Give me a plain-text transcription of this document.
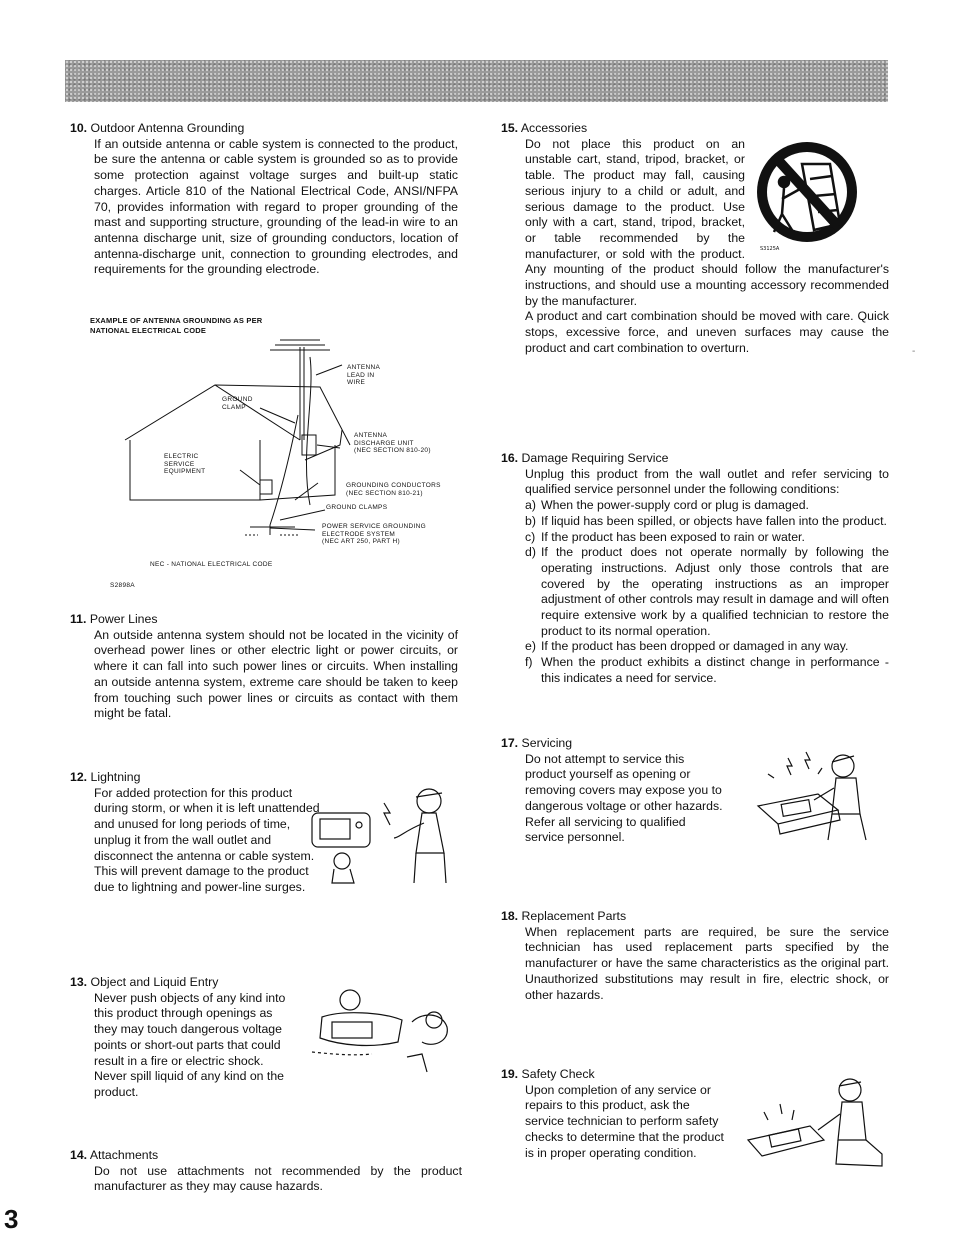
10. Outdoor Antenna Grounding

If an outside antenna or cable system is connected to the product, be sure the antenna or cable system is grounded so as to provide some protection against voltage surges and built-up static charges. Article 810 of the National Electrical Code, ANSI/NFPA 70, provides information with regard to proper grounding of the mast and supporting structure, grounding of the lead-in wire to an antenna discharge unit, size of grounding conductors, location of antenna-discharge unit, connection to grounding electrodes, and requirements for the grounding electrode.

EXAMPLE OF ANTENNA GROUNDING AS PER
NATIONAL ELECTRICAL CODE
ANTENNA
LEAD IN
WIRE
GROUND
CLAMP
ANTENNA
DISCHARGE UNIT
(NEC SECTION 810-20)
ELECTRIC
SERVICE
EQUIPMENT
GROUNDING CONDUCTORS
(NEC SECTION 810-21)
GROUND CLAMPS
POWER SERVICE GROUNDING
ELECTRODE SYSTEM
(NEC ART 250, PART H)
NEC - NATIONAL ELECTRICAL CODE
S2898A

11. Power Lines

An outside antenna system should not be located in the vicinity of overhead power lines or other electric light or power circuits, or where it can fall into such power lines or circuits. When installing an outside antenna system, extreme care should be taken to keep from touching such power lines or circuits as contact with them might be fatal.

12. Lightning

For added protection for this product during storm, or when it is left unattended and unused for long periods of time, unplug it from the wall outlet and disconnect the antenna or cable system. This will prevent damage to the product due to lightning and power-line surges.

13. Object and Liquid Entry

Never push objects of any kind into this product through openings as they may touch dangerous voltage points or short-out parts that could result in a fire or electric shock. Never spill liquid of any kind on the product.

14. Attachments

Do not use attachments not recommended by the product manufacturer as they may cause hazards.

15. Accessories

Do not place this product on an unstable cart, stand, tripod, bracket, or table. The product may fall, causing serious injury to a child or adult, and serious damage to the product. Use only with a cart, stand, tripod, bracket, or table recommended by the manufacturer, or sold with the product. Any mounting of the product should follow the manufacturer's instructions, and should use a mounting accessory recommended by the manufacturer.

A product and cart combination should be moved with care. Quick stops, excessive force, and uneven surfaces may cause the product and cart combination to overturn.

S3125A

16. Damage Requiring Service

Unplug this product from the wall outlet and refer servicing to qualified service personnel under the following conditions:

a) When the power-supply cord or plug is damaged.
b) If liquid has been spilled, or objects have fallen into the product.
c) If the product has been exposed to rain or water.
d) If the product does not operate normally by following the operating instructions. Adjust only those controls that are covered by the operating instructions as an improper adjustment of other controls may result in damage and will often require extensive work by a qualified technician to restore the product to its normal operation.
e) If the product has been dropped or damaged in any way.
f) When the product exhibits a distinct change in performance - this indicates a need for service.

17. Servicing

Do not attempt to service this product yourself as opening or removing covers may expose you to dangerous voltage or other hazards. Refer all servicing to qualified service personnel.

18. Replacement Parts

When replacement parts are required, be sure the service technician has used replacement parts specified by the manufacturer or have the same characteristics as the original part. Unauthorized substitutions may result in fire, electric shock, or other hazards.

19. Safety Check

Upon completion of any service or repairs to this product, ask the service technician to perform safety checks to determine that the product is in proper operating condition.

-
3
